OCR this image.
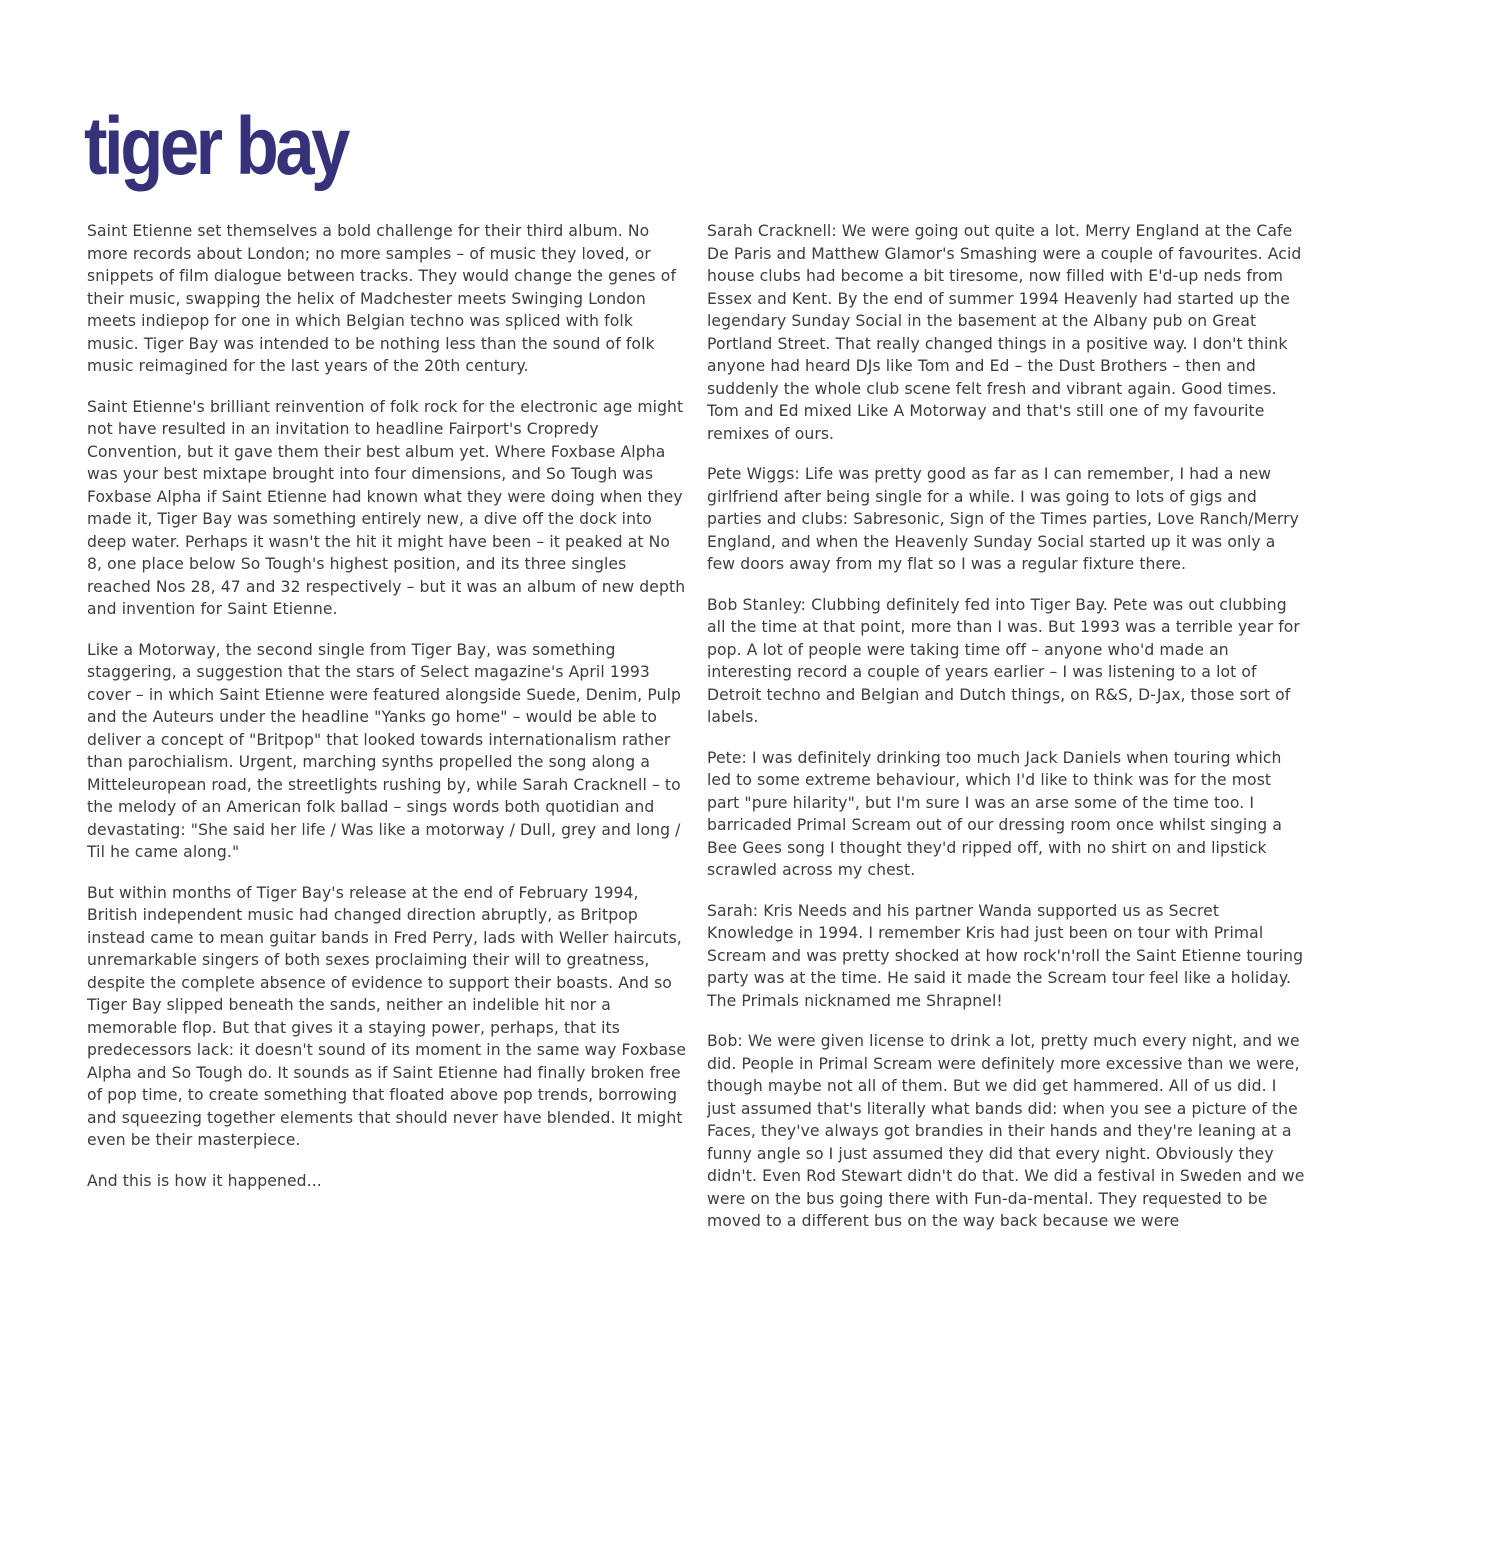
tiger bay

Saint Etienne set themselves a bold challenge for their third album. No more records about London; no more samples – of music they loved, or snippets of film dialogue between tracks. They would change the genes of their music, swapping the helix of Madchester meets Swinging London meets indiepop for one in which Belgian techno was spliced with folk music. Tiger Bay was intended to be nothing less than the sound of folk music reimagined for the last years of the 20th century.

Saint Etienne's brilliant reinvention of folk rock for the electronic age might not have resulted in an invitation to headline Fairport's Cropredy Convention, but it gave them their best album yet. Where Foxbase Alpha was your best mixtape brought into four dimensions, and So Tough was Foxbase Alpha if Saint Etienne had known what they were doing when they made it, Tiger Bay was something entirely new, a dive off the dock into deep water. Perhaps it wasn't the hit it might have been – it peaked at No 8, one place below So Tough's highest position, and its three singles reached Nos 28, 47 and 32 respectively – but it was an album of new depth and invention for Saint Etienne.

Like a Motorway, the second single from Tiger Bay, was something staggering, a suggestion that the stars of Select magazine's April 1993 cover – in which Saint Etienne were featured alongside Suede, Denim, Pulp and the Auteurs under the headline "Yanks go home" – would be able to deliver a concept of "Britpop" that looked towards internationalism rather than parochialism. Urgent, marching synths propelled the song along a Mitteleuropean road, the streetlights rushing by, while Sarah Cracknell – to the melody of an American folk ballad – sings words both quotidian and devastating: "She said her life / Was like a motorway / Dull, grey and long / Til he came along."

But within months of Tiger Bay's release at the end of February 1994, British independent music had changed direction abruptly, as Britpop instead came to mean guitar bands in Fred Perry, lads with Weller haircuts, unremarkable singers of both sexes proclaiming their will to greatness, despite the complete absence of evidence to support their boasts. And so Tiger Bay slipped beneath the sands, neither an indelible hit nor a memorable flop. But that gives it a staying power, perhaps, that its predecessors lack: it doesn't sound of its moment in the same way Foxbase Alpha and So Tough do. It sounds as if Saint Etienne had finally broken free of pop time, to create something that floated above pop trends, borrowing and squeezing together elements that should never have blended. It might even be their masterpiece.

And this is how it happened...

Sarah Cracknell: We were going out quite a lot. Merry England at the Cafe De Paris and Matthew Glamor's Smashing were a couple of favourites. Acid house clubs had become a bit tiresome, now filled with E'd-up neds from Essex and Kent. By the end of summer 1994 Heavenly had started up the legendary Sunday Social in the basement at the Albany pub on Great Portland Street. That really changed things in a positive way. I don't think anyone had heard DJs like Tom and Ed – the Dust Brothers – then and suddenly the whole club scene felt fresh and vibrant again. Good times. Tom and Ed mixed Like A Motorway and that's still one of my favourite remixes of ours.

Pete Wiggs: Life was pretty good as far as I can remember, I had a new girlfriend after being single for a while. I was going to lots of gigs and parties and clubs: Sabresonic, Sign of the Times parties, Love Ranch/Merry England, and when the Heavenly Sunday Social started up it was only a few doors away from my flat so I was a regular fixture there.

Bob Stanley: Clubbing definitely fed into Tiger Bay. Pete was out clubbing all the time at that point, more than I was. But 1993 was a terrible year for pop. A lot of people were taking time off – anyone who'd made an interesting record a couple of years earlier – I was listening to a lot of Detroit techno and Belgian and Dutch things, on R&S, D-Jax, those sort of labels.

Pete: I was definitely drinking too much Jack Daniels when touring which led to some extreme behaviour, which I'd like to think was for the most part "pure hilarity", but I'm sure I was an arse some of the time too. I barricaded Primal Scream out of our dressing room once whilst singing a Bee Gees song I thought they'd ripped off, with no shirt on and lipstick scrawled across my chest.

Sarah: Kris Needs and his partner Wanda supported us as Secret Knowledge in 1994. I remember Kris had just been on tour with Primal Scream and was pretty shocked at how rock'n'roll the Saint Etienne touring party was at the time. He said it made the Scream tour feel like a holiday. The Primals nicknamed me Shrapnel!

Bob: We were given license to drink a lot, pretty much every night, and we did. People in Primal Scream were definitely more excessive than we were, though maybe not all of them. But we did get hammered. All of us did. I just assumed that's literally what bands did: when you see a picture of the Faces, they've always got brandies in their hands and they're leaning at a funny angle so I just assumed they did that every night. Obviously they didn't. Even Rod Stewart didn't do that. We did a festival in Sweden and we were on the bus going there with Fun-da-mental. They requested to be moved to a different bus on the way back because we were
